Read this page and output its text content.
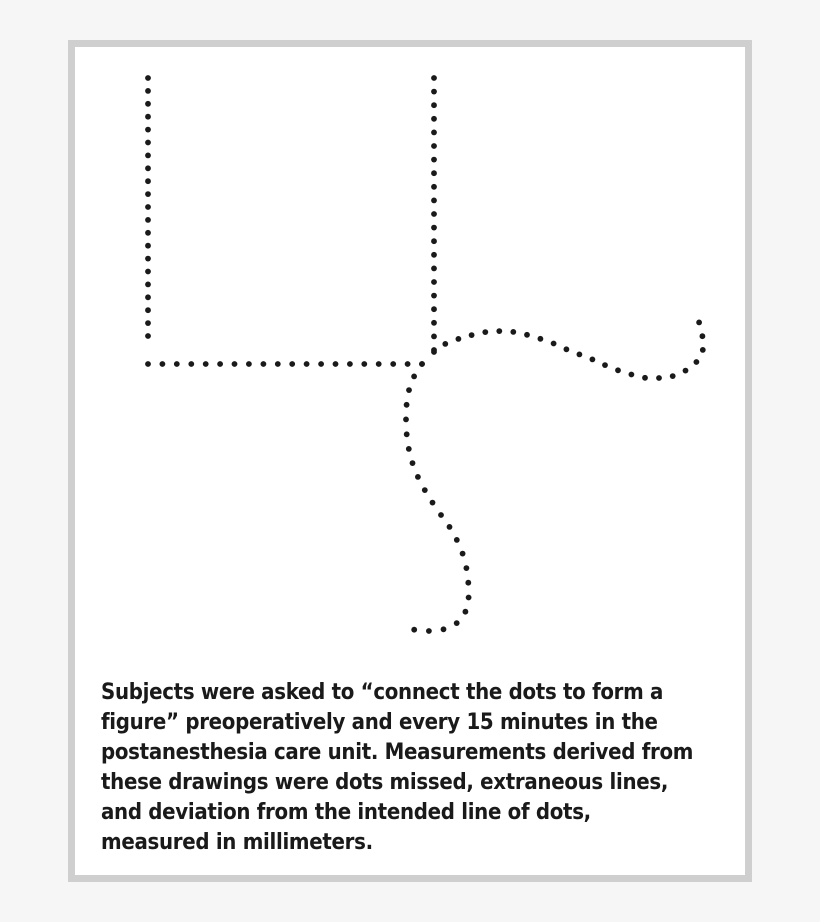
Subjects were asked to “connect the dots to form a
figure” preoperatively and every 15 minutes in the
postanesthesia care unit. Measurements derived from
these drawings were dots missed, extraneous lines,
and deviation from the intended line of dots,
measured in millimeters.
